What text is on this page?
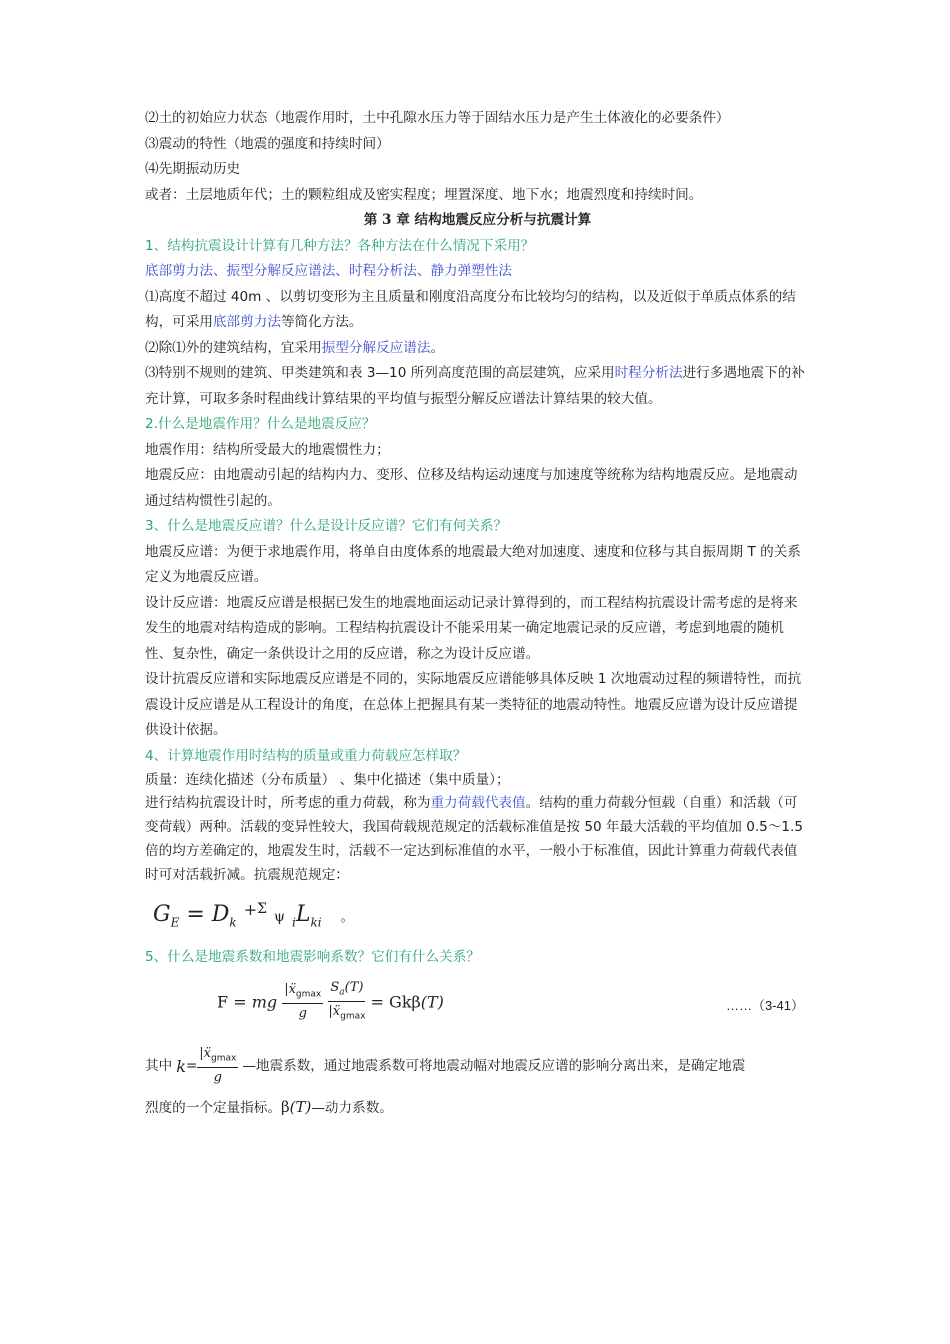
⑵土的初始应力状态（地震作用时，土中孔隙水压力等于固结水压力是产生土体液化的必要条件）

⑶震动的特性（地震的强度和持续时间）

⑷先期振动历史

或者：土层地质年代；土的颗粒组成及密实程度；埋置深度、地下水；地震烈度和持续时间。

第 3 章 结构地震反应分析与抗震计算

1、结构抗震设计计算有几种方法？各种方法在什么情况下采用？

底部剪力法、振型分解反应谱法、时程分析法、静力弹塑性法

⑴高度不超过 40m 、以剪切变形为主且质量和刚度沿高度分布比较均匀的结构，以及近似于单质点体系的结构，可采用底部剪力法等简化方法。

⑵除⑴外的建筑结构，宜采用振型分解反应谱法。

⑶特别不规则的建筑、甲类建筑和表 3—10 所列高度范围的高层建筑，应采用时程分析法进行多遇地震下的补充计算，可取多条时程曲线计算结果的平均值与振型分解反应谱法计算结果的较大值。

2.什么是地震作用？什么是地震反应？

地震作用：结构所受最大的地震惯性力；

地震反应：由地震动引起的结构内力、变形、位移及结构运动速度与加速度等统称为结构地震反应。是地震动通过结构惯性引起的。

3、什么是地震反应谱？什么是设计反应谱？它们有何关系？

地震反应谱：为便于求地震作用，将单自由度体系的地震最大绝对加速度、速度和位移与其自振周期 T 的关系定义为地震反应谱。

设计反应谱：地震反应谱是根据已发生的地震地面运动记录计算得到的，而工程结构抗震设计需考虑的是将来发生的地震对结构造成的影响。工程结构抗震设计不能采用某一确定地震记录的反应谱，考虑到地震的随机性、复杂性，确定一条供设计之用的反应谱，称之为设计反应谱。

设计抗震反应谱和实际地震反应谱是不同的，实际地震反应谱能够具体反映 1 次地震动过程的频谱特性，而抗震设计反应谱是从工程设计的角度，在总体上把握具有某一类特征的地震动特性。地震反应谱为设计反应谱提供设计依据。

4、计算地震作用时结构的质量或重力荷载应怎样取？

质量：连续化描述（分布质量） 、集中化描述（集中质量）；

进行结构抗震设计时，所考虑的重力荷载，称为重力荷载代表值。结构的重力荷载分恒载（自重）和活载（可变荷载）两种。活载的变异性较大，我国荷载规范规定的活载标准值是按 50 年最大活载的平均值加 0.5～1.5 倍的均方差确定的，地震发生时，活载不一定达到标准值的水平，一般小于标准值，因此计算重力荷载代表值时可对活载折减。抗震规范规定：

$G_E = D_k$ $^{+\Sigma}$ ψ $_iL_{ki}$ 。

5、什么是地震系数和地震影响系数？它们有什么关系？

F = mg $\frac{|ẍ_{gmax}}{g}$
$\frac{S_a(T)}{|ẍ_{gmax}} = Gk\beta(T)$	……（3-41）
其中 $k = \frac{|ẍ_{gmax}}{g}$ —地震系数，通过地震系数可将地震动幅对地震反应谱的影响分离出来，是确定地震

烈度的一个定量指标。β(T)—动力系数。
